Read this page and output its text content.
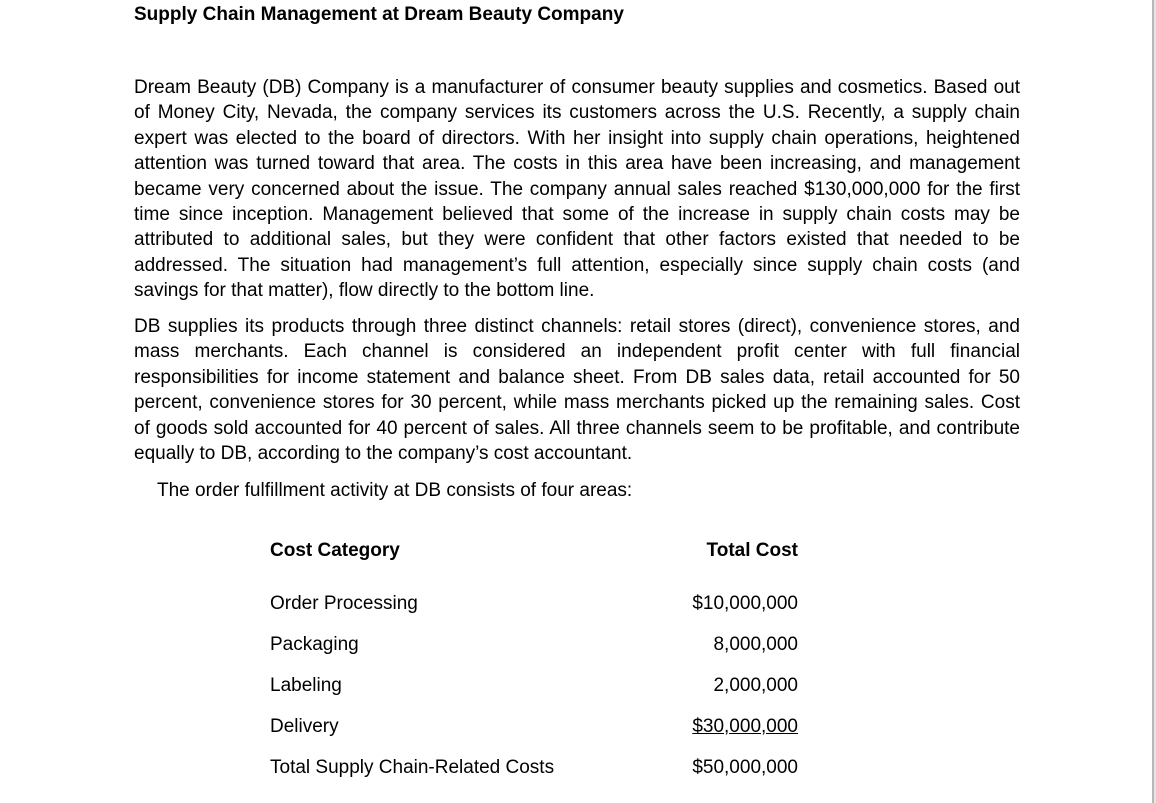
Supply Chain Management at Dream Beauty Company

Dream Beauty (DB) Company is a manufacturer of consumer beauty supplies and cosmetics. Based out of Money City, Nevada, the company services its customers across the U.S. Recently, a supply chain expert was elected to the board of directors. With her insight into supply chain operations, heightened attention was turned toward that area. The costs in this area have been increasing, and management became very concerned about the issue. The company annual sales reached $130,000,000 for the first time since inception. Management believed that some of the increase in supply chain costs may be attributed to additional sales, but they were confident that other factors existed that needed to be addressed. The situation had management’s full attention, especially since supply chain costs (and savings for that matter), flow directly to the bottom line.

DB supplies its products through three distinct channels: retail stores (direct), convenience stores, and mass merchants. Each channel is considered an independent profit center with full financial responsibilities for income statement and balance sheet. From DB sales data, retail accounted for 50 percent, convenience stores for 30 percent, while mass merchants picked up the remaining sales. Cost of goods sold accounted for 40 percent of sales. All three channels seem to be profitable, and contribute equally to DB, according to the company’s cost accountant.

The order fulfillment activity at DB consists of four areas:
Cost Category	Total Cost
Order Processing	$10,000,000
Packaging	8,000,000
Labeling	2,000,000
Delivery	$30,000,000
Total Supply Chain-Related Costs	$50,000,000
